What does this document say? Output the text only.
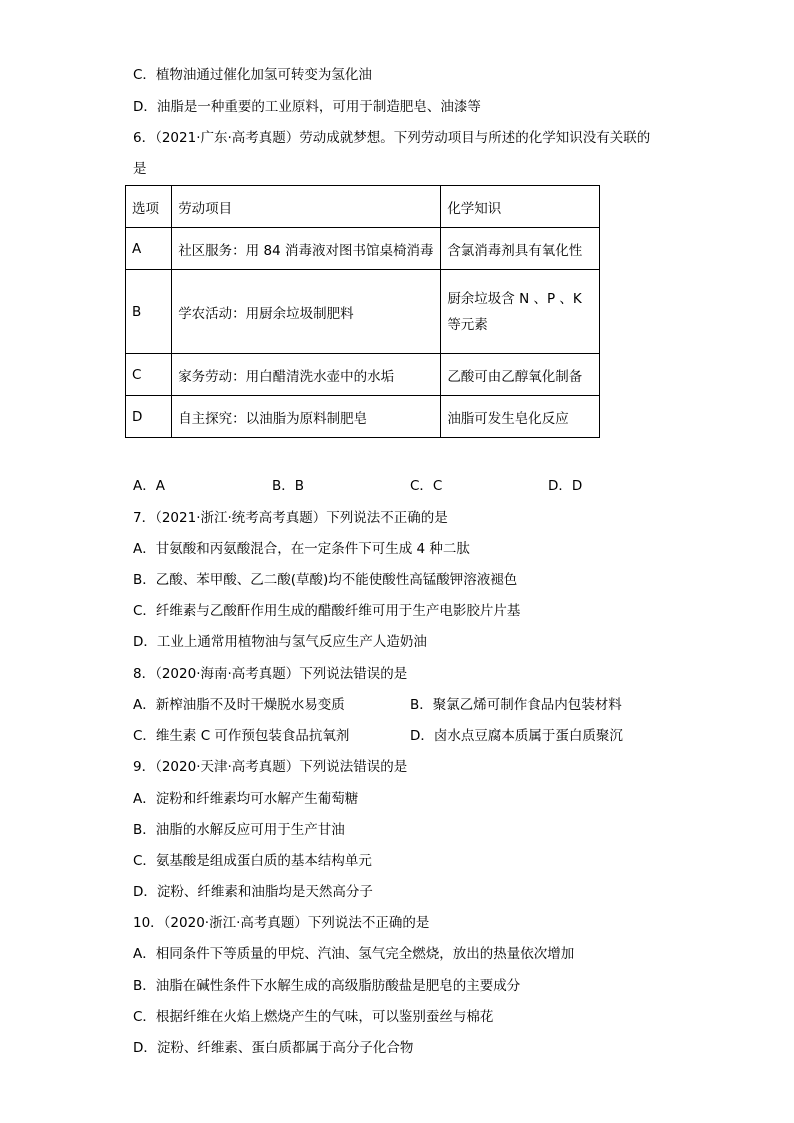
C．植物油通过催化加氢可转变为氢化油
D．油脂是一种重要的工业原料，可用于制造肥皂、油漆等
6．（2021·广东·高考真题）劳动成就梦想。下列劳动项目与所述的化学知识没有关联的
是
选项	劳动项目	化学知识
A	社区服务：用 84 消毒液对图书馆桌椅消毒	含氯消毒剂具有氧化性
B	学农活动：用厨余垃圾制肥料	厨余垃圾含 N 、P 、K
等元素

C	家务劳动：用白醋清洗水壶中的水垢	乙酸可由乙醇氧化制备
D	自主探究：以油脂为原料制肥皂	油脂可发生皂化反应
A．A	B．B	C．C	D．D
7．（2021·浙江·统考高考真题）下列说法不正确的是
A．甘氨酸和丙氨酸混合，在一定条件下可生成 4 种二肽
B．乙酸、苯甲酸、乙二酸(草酸)均不能使酸性高锰酸钾溶液褪色
C．纤维素与乙酸酐作用生成的醋酸纤维可用于生产电影胶片片基
D．工业上通常用植物油与氢气反应生产人造奶油
8．（2020·海南·高考真题）下列说法错误的是
A．新榨油脂不及时干燥脱水易变质	B．聚氯乙烯可制作食品内包装材料
C．维生素 C 可作预包装食品抗氧剂	D．卤水点豆腐本质属于蛋白质聚沉
9．（2020·天津·高考真题）下列说法错误的是
A．淀粉和纤维素均可水解产生葡萄糖
B．油脂的水解反应可用于生产甘油
C．氨基酸是组成蛋白质的基本结构单元
D．淀粉、纤维素和油脂均是天然高分子
10．（2020·浙江·高考真题）下列说法不正确的是
A．相同条件下等质量的甲烷、汽油、氢气完全燃烧，放出的热量依次增加
B．油脂在碱性条件下水解生成的高级脂肪酸盐是肥皂的主要成分
C．根据纤维在火焰上燃烧产生的气味，可以鉴别蚕丝与棉花
D．淀粉、纤维素、蛋白质都属于高分子化合物
